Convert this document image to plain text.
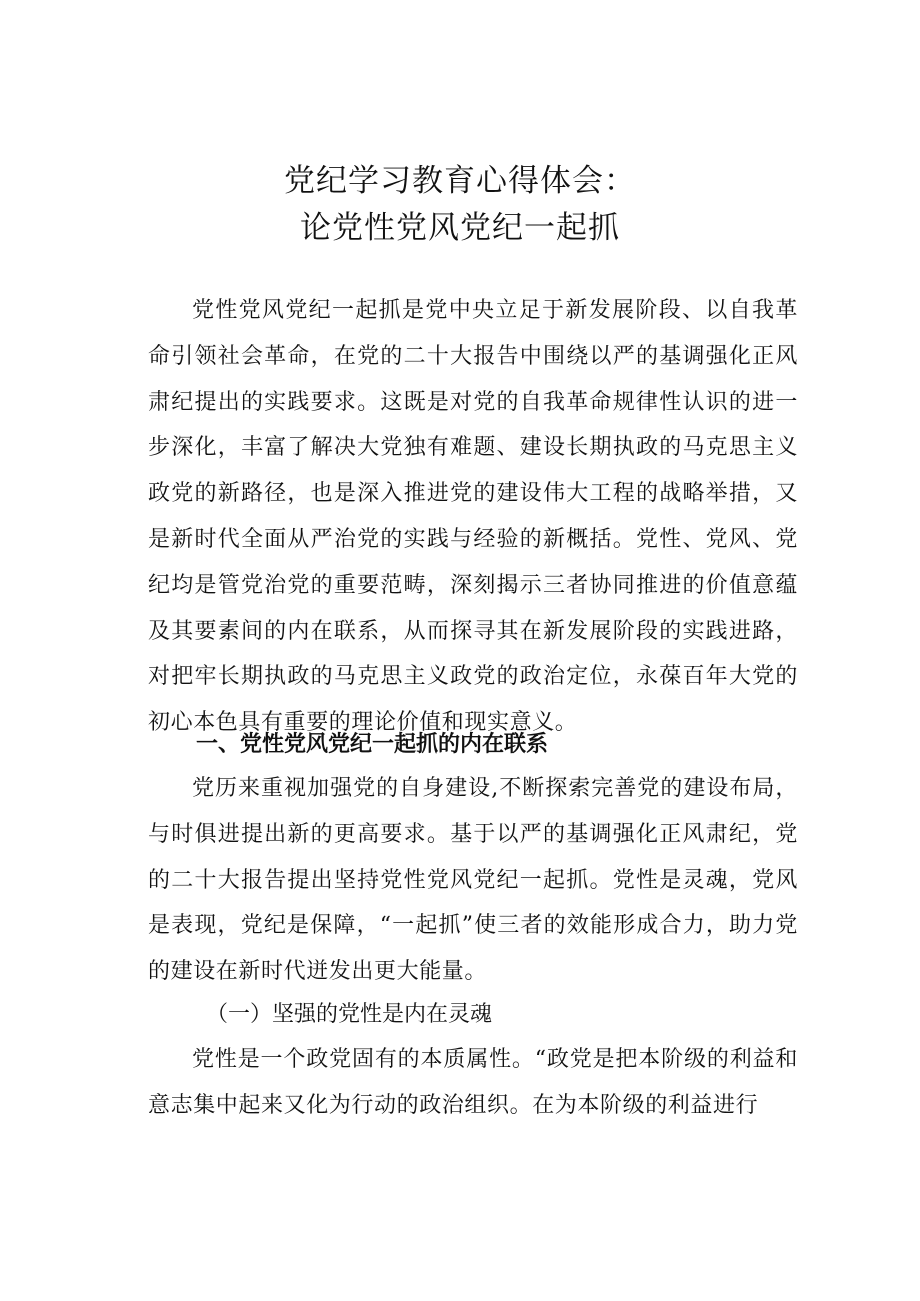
党纪学习教育心得体会：
论党性党风党纪一起抓

党性党风党纪一起抓是党中央立足于新发展阶段、以自我革命引领社会革命，在党的二十大报告中围绕以严的基调强化正风肃纪提出的实践要求。这既是对党的自我革命规律性认识的进一步深化，丰富了解决大党独有难题、建设长期执政的马克思主义政党的新路径，也是深入推进党的建设伟大工程的战略举措，又是新时代全面从严治党的实践与经验的新概括。党性、党风、党纪均是管党治党的重要范畴，深刻揭示三者协同推进的价值意蕴及其要素间的内在联系，从而探寻其在新发展阶段的实践进路，对把牢长期执政的马克思主义政党的政治定位，永葆百年大党的初心本色具有重要的理论价值和现实意义。

一、党性党风党纪一起抓的内在联系

党历来重视加强党的自身建设,不断探索完善党的建设布局，与时俱进提出新的更高要求。基于以严的基调强化正风肃纪，党的二十大报告提出坚持党性党风党纪一起抓。党性是灵魂，党风是表现，党纪是保障，“一起抓”使三者的效能形成合力，助力党的建设在新时代迸发出更大能量。

（一）坚强的党性是内在灵魂

党性是一个政党固有的本质属性。“政党是把本阶级的利益和意志集中起来又化为行动的政治组织。在为本阶级的利益进行
